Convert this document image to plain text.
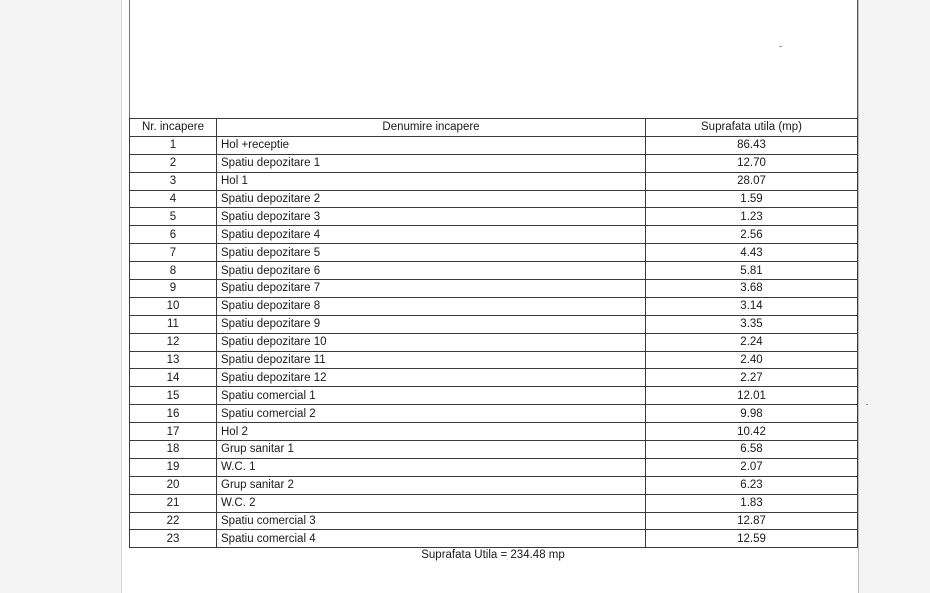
Nr. incapere	Denumire incapere	Suprafata utila (mp)
1	Hol +receptie	86.43
2	Spatiu depozitare 1	12.70
3	Hol 1	28.07
4	Spatiu depozitare 2	1.59
5	Spatiu depozitare 3	1.23
6	Spatiu depozitare 4	2.56
7	Spatiu depozitare 5	4.43
8	Spatiu depozitare 6	5.81
9	Spatiu depozitare 7	3.68
10	Spatiu depozitare 8	3.14
11	Spatiu depozitare 9	3.35
12	Spatiu depozitare 10	2.24
13	Spatiu depozitare 11	2.40
14	Spatiu depozitare 12	2.27
15	Spatiu comercial 1	12.01
16	Spatiu comercial 2	9.98
17	Hol 2	10.42
18	Grup sanitar 1	6.58
19	W.C. 1	2.07
20	Grup sanitar 2	6.23
21	W.C. 2	1.83
22	Spatiu comercial 3	12.87
23	Spatiu comercial 4	12.59
Suprafata Utila = 234.48 mp
